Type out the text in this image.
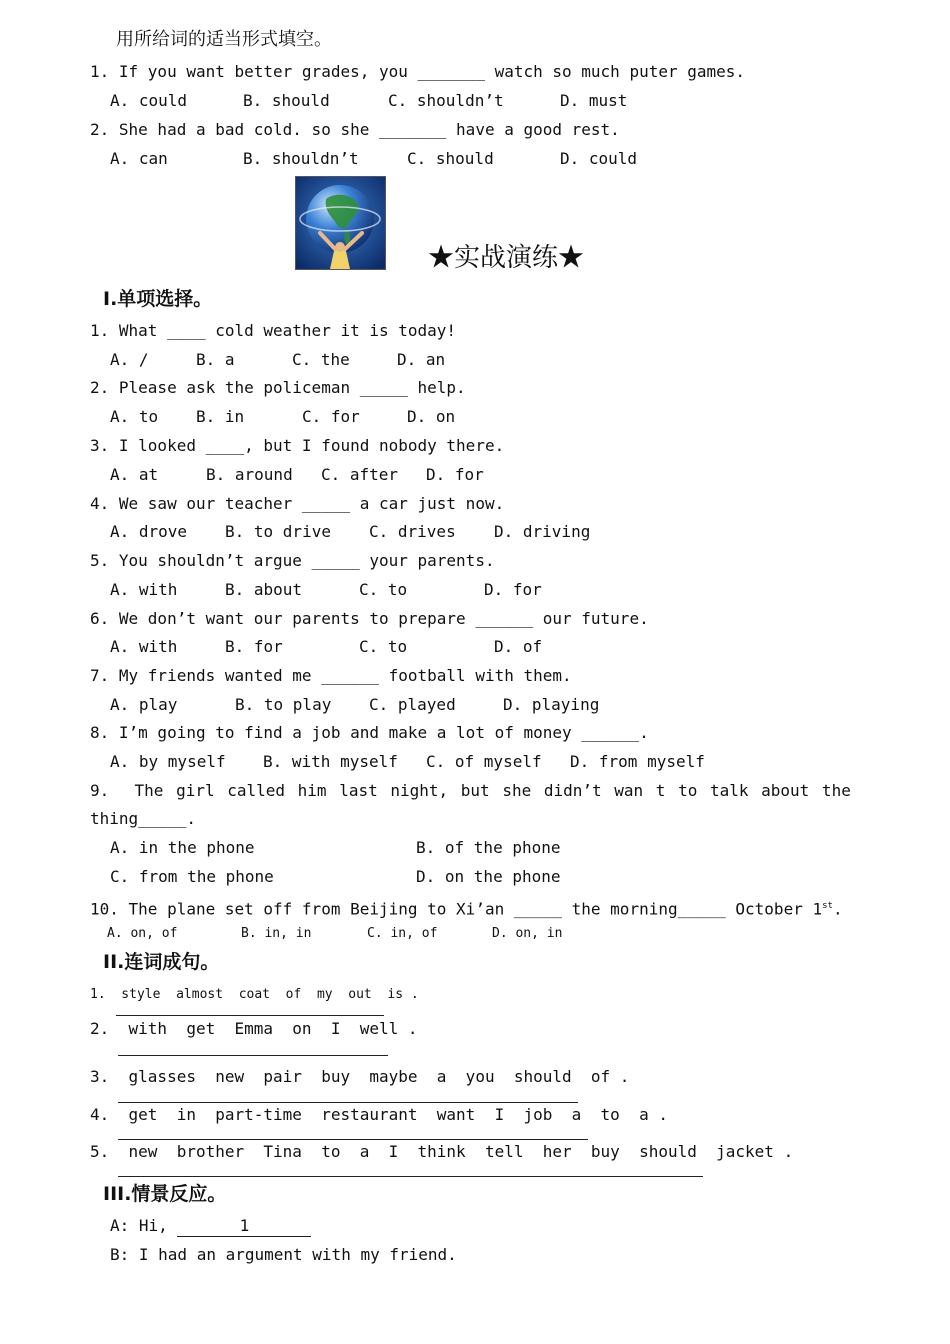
用所给词的适当形式填空。
1. If you want better grades, you _______ watch so much puter games.

A. could

	B. should

	C. shouldn’t

	D. must

2. She had a bad cold. so she _______ have a good rest.

A. can

	B. shouldn’t

	C. should

	D. could

★实战演练★
I.单项选择。
1. What ____ cold weather it is today!

A. /

	B. a

	C. the

	D. an

2. Please ask the policeman _____ help.

A. to

B. in

	C. for

	D. on

3. I looked ____, but I found nobody there.

A. at

	B. around

C. after

D. for

4. We saw our teacher _____ a car just now.

A. drove

B. to drive

C. drives

D. driving

5. You shouldn’t argue _____ your parents.

A. with

	B. about

	C. to

	D. for

6. We don’t want our parents to prepare ______ our future.

A. with

	B. for

	C. to

	D. of

7. My friends wanted me ______ football with them.

A. play

	B. to play

C. played

	D. playing

8. I’m going to find a job and make a lot of money ______.

A. by myself

B. with myself

C. of myself

D. from myself

9.  The girl called him last night, but she didn’t wan t to talk about the
thing_____.

A. in the phone

	B. of the phone

C. from the phone

	D. on the phone

10. The plane set off from Beijing to Xi’an _____ the morning_____ October 1st.

A. on, of

	B. in, in

	C. in, of

	D. on, in

II.连词成句。
1.  style  almost  coat  of  my  out  is .
2.  with  get  Emma  on  I  well .
3.  glasses  new  pair  buy  maybe  a  you  should  of .
4.  get  in  part-time  restaurant  want  I  job  a  to  a .
5.  new  brother  Tina  to  a  I  think  tell  her  buy  should  jacket .
III.情景反应。
A: Hi,	1
B: I had an argument with my friend.
